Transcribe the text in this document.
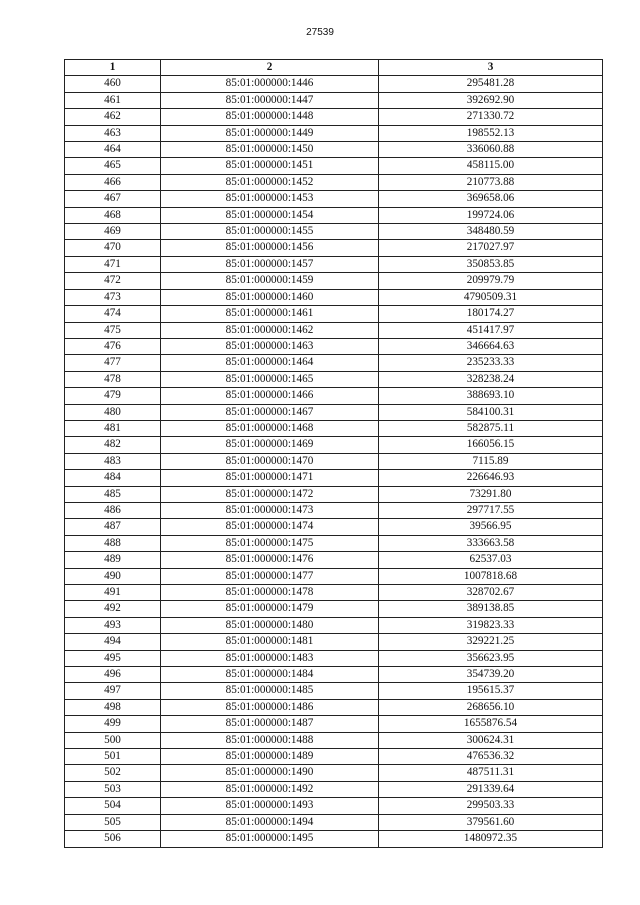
27539
1	2	3
460	85:01:000000:1446	295481.28
461	85:01:000000:1447	392692.90
462	85:01:000000:1448	271330.72
463	85:01:000000:1449	198552.13
464	85:01:000000:1450	336060.88
465	85:01:000000:1451	458115.00
466	85:01:000000:1452	210773.88
467	85:01:000000:1453	369658.06
468	85:01:000000:1454	199724.06
469	85:01:000000:1455	348480.59
470	85:01:000000:1456	217027.97
471	85:01:000000:1457	350853.85
472	85:01:000000:1459	209979.79
473	85:01:000000:1460	4790509.31
474	85:01:000000:1461	180174.27
475	85:01:000000:1462	451417.97
476	85:01:000000:1463	346664.63
477	85:01:000000:1464	235233.33
478	85:01:000000:1465	328238.24
479	85:01:000000:1466	388693.10
480	85:01:000000:1467	584100.31
481	85:01:000000:1468	582875.11
482	85:01:000000:1469	166056.15
483	85:01:000000:1470	7115.89
484	85:01:000000:1471	226646.93
485	85:01:000000:1472	73291.80
486	85:01:000000:1473	297717.55
487	85:01:000000:1474	39566.95
488	85:01:000000:1475	333663.58
489	85:01:000000:1476	62537.03
490	85:01:000000:1477	1007818.68
491	85:01:000000:1478	328702.67
492	85:01:000000:1479	389138.85
493	85:01:000000:1480	319823.33
494	85:01:000000:1481	329221.25
495	85:01:000000:1483	356623.95
496	85:01:000000:1484	354739.20
497	85:01:000000:1485	195615.37
498	85:01:000000:1486	268656.10
499	85:01:000000:1487	1655876.54
500	85:01:000000:1488	300624.31
501	85:01:000000:1489	476536.32
502	85:01:000000:1490	487511.31
503	85:01:000000:1492	291339.64
504	85:01:000000:1493	299503.33
505	85:01:000000:1494	379561.60
506	85:01:000000:1495	1480972.35
